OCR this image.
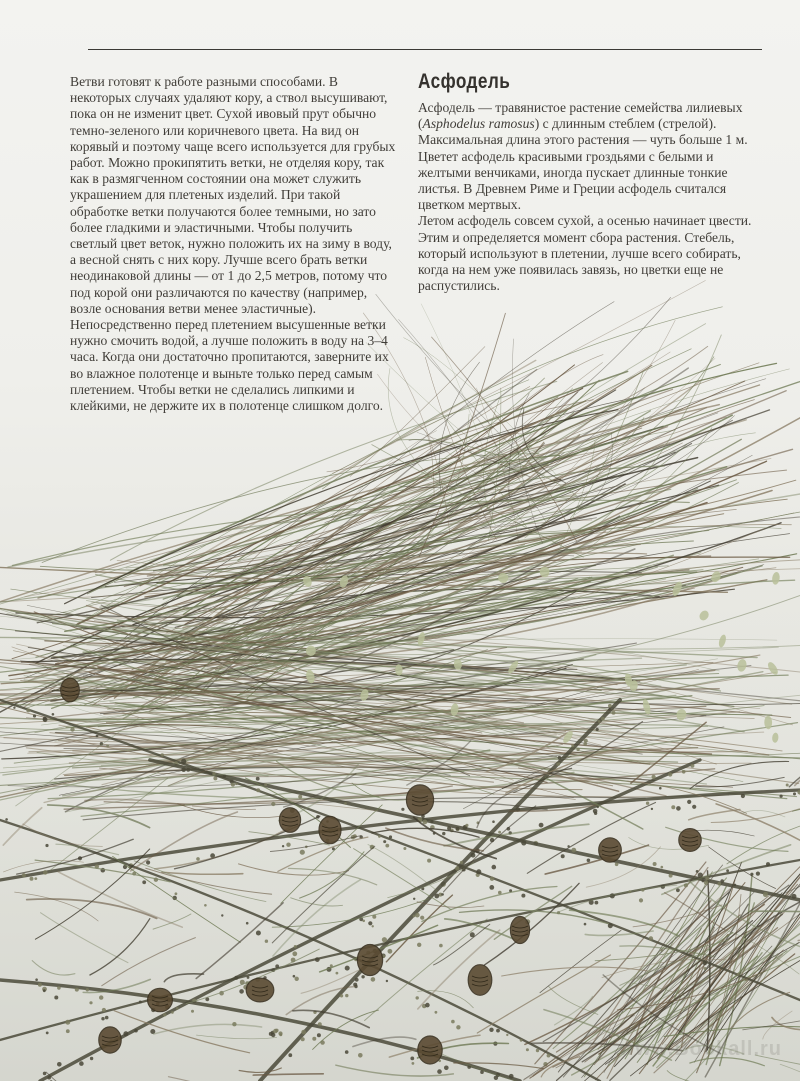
Ветви готовят к работе разными способами. В некоторых случаях удаляют кору, а ствол высушивают, пока он не изменит цвет. Сухой ивовый прут обычно темно-зеленого или коричневого цвета. На вид он корявый и поэтому чаще всего используется для грубых работ. Можно прокипятить ветки, не отделяя кору, так как в размягченном состоянии она может служить украшением для плетеных изделий. При такой обработке ветки получаются более темными, но зато более гладкими и эластичными. Чтобы получить светлый цвет веток, нужно положить их на зиму в воду, а весной снять с них кору. Лучше всего брать ветки неодинаковой длины — от 1 до 2,5 метров, потому что под корой они различаются по качеству (например, возле основания ветви менее эластичные). Непосредственно перед плетением высушенные ветки нужно смочить водой, а лучше положить в воду на 3–4 часа. Когда они достаточно пропитаются, заверните их во влажное полотенце и выньте только перед самым плетением. Чтобы ветки не сделались липкими и клейкими, не держите их в полотенце слишком долго.

Асфодель

Асфодель — травянистое растение семейства лилиевых (Asphodelus ramosus) с длинным стеблем (стрелой). Максимальная длина этого растения — чуть больше 1 м. Цветет асфодель красивыми гроздьями с белыми и желтыми венчиками, иногда пускает длинные тонкие листья. В Древнем Риме и Греции асфодель считался цветком мертвых.

Летом асфодель совсем сухой, а осенью начинает цвести. Этим и определяется момент сбора растения. Стебель, который используют в плетении, лучше всего собирать, когда на нем уже появилась завязь, но цветки еще не распустились.

www.Bookall.ru
